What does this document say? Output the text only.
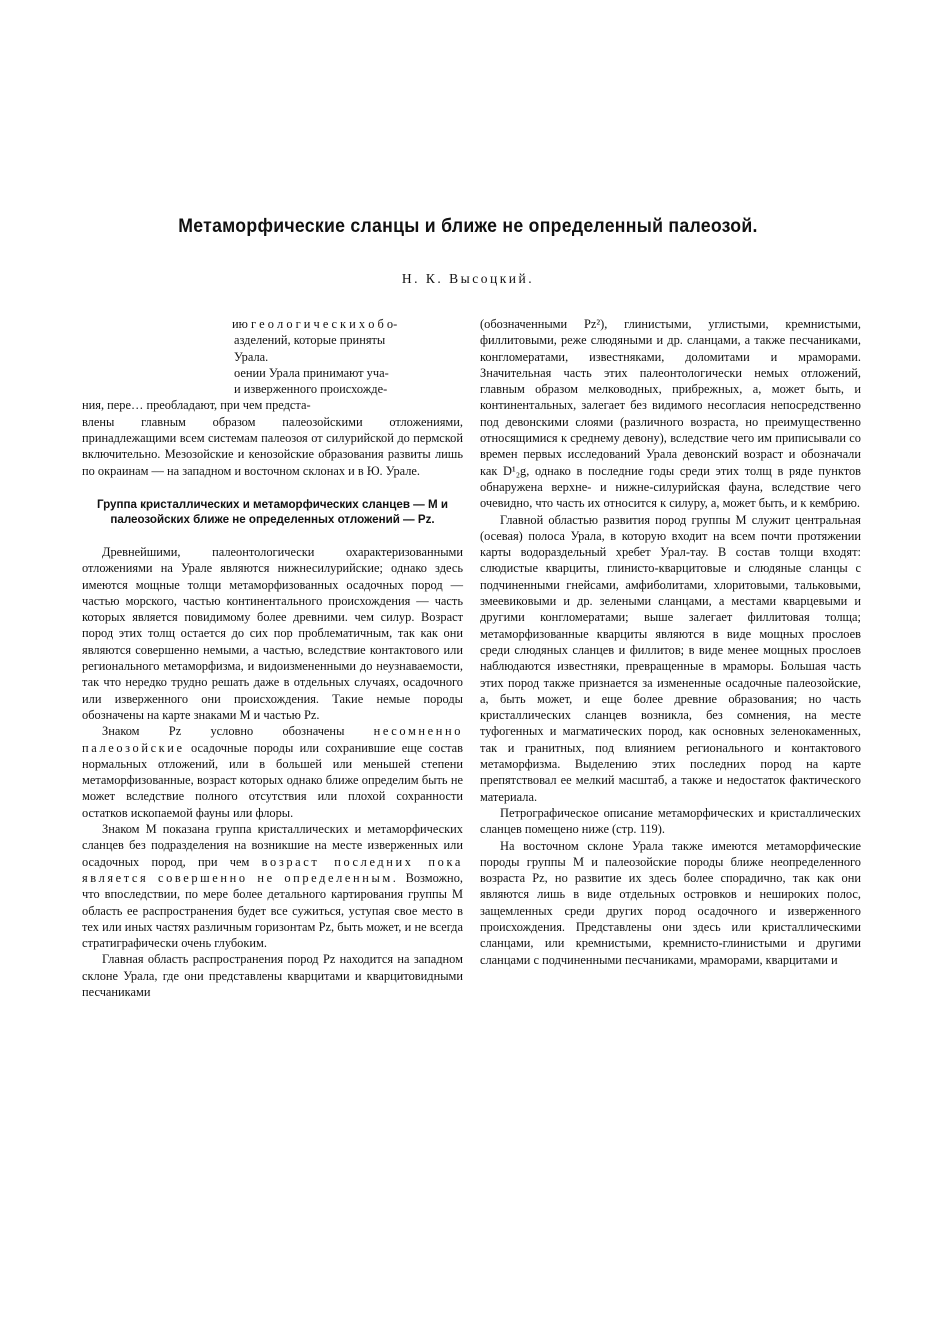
Метаморфические сланцы и ближе не определенный палеозой.
Н. К. Высоцкий.
ию г е о л о г и ч е с к и х о б о-
азделений, которые приняты
Урала.
оении Урала принимают уча-
и изверженного происхожде-
ния, пере… преобладают, при чем предста-

влены главным образом палеозойскими отложениями, принадлежащими всем системам палеозоя от силурийской до пермской включительно. Мезозойские и кенозойские образования развиты лишь по окраинам — на западном и восточном склонах и в Ю. Урале.

Группа кристаллических и метаморфических сланцев — M и палеозойских ближе не определенных отложений — Pz.

Древнейшими, палеонтологически охарактеризованными отложениями на Урале являются нижнесилурийские; однако здесь имеются мощные толщи метаморфизованных осадочных пород — частью морского, частью континентального происхождения — часть которых является повидимому более древними. чем силур. Возраст пород этих толщ остается до сих пор проблематичным, так как они являются совершенно немыми, а частью, вследствие контактового или регионального метаморфизма, и видоизмененными до неузнаваемости, так что нередко трудно решать даже в отдельных случаях, осадочного или изверженного они происхождения. Такие немые породы обозначены на карте знаками M и частью Pz.

Знаком Pz условно обозначены несомненно палеозойские осадочные породы или сохранившие еще состав нормальных отложений, или в большей или меньшей степени метаморфизованные, возраст которых однако ближе определим быть не может вследствие полного отсутствия или плохой сохранности остатков ископаемой фауны или флоры.

Знаком M показана группа кристаллических и метаморфических сланцев без подразделения на возникшие на месте изверженных или осадочных пород, при чем возраст последних пока является совершенно не определенным. Возможно, что впоследствии, по мере более детального картирования группы M область ее распространения будет все сужиться, уступая свое место в тех или иных частях различным горизонтам Pz, быть может, и не всегда стратиграфически очень глубоким.

Главная область распространения пород Pz находится на западном склоне Урала, где они представлены кварцитами и кварцитовидными песчаниками

(обозначенными Pz²), глинистыми, углистыми, кремнистыми, филлитовыми, реже слюдяными и др. сланцами, а также песчаниками, конгломератами, известняками, доломитами и мраморами. Значительная часть этих палеонтологически немых отложений, главным образом мелководных, прибрежных, а, может быть, и континентальных, залегает без видимого несогласия непосредственно под девонскими слоями (различного возраста, но преимущественно относящимися к среднему девону), вследствие чего им приписывали со времен первых исследований Урала девонский возраст и обозначали как D¹₂g, однако в последние годы среди этих толщ в ряде пунктов обнаружена верхне- и нижне-силурийская фауна, вследствие чего очевидно, что часть их относится к силуру, а, может быть, и к кембрию.

Главной областью развития пород группы M служит центральная (осевая) полоса Урала, в которую входит на всем почти протяжении карты водораздельный хребет Урал-тау. В состав толщи входят: слюдистые кварциты, глинисто-кварцитовые и слюдяные сланцы с подчиненными гнейсами, амфиболитами, хлоритовыми, тальковыми, змеевиковыми и др. зелеными сланцами, а местами кварцевыми и другими конгломератами; выше залегает филлитовая толща; метаморфизованные кварциты являются в виде мощных прослоев среди слюдяных сланцев и филлитов; в виде менее мощных прослоев наблюдаются известняки, превращенные в мраморы. Большая часть этих пород также признается за измененные осадочные палеозойские, а, быть может, и еще более древние образования; но часть кристаллических сланцев возникла, без сомнения, на месте туфогенных и магматических пород, как основных зеленокаменных, так и гранитных, под влиянием регионального и контактового метаморфизма. Выделению этих последних пород на карте препятствовал ее мелкий масштаб, а также и недостаток фактического материала.

Петрографическое описание метаморфических и кристаллических сланцев помещено ниже (стр. 119).

На восточном склоне Урала также имеются метаморфические породы группы M и палеозойские породы ближе неопределенного возраста Pz, но развитие их здесь более спорадично, так как они являются лишь в виде отдельных островков и неширокиx полос, защемленных среди других пород осадочного и изверженного происхождения. Представлены они здесь или кристаллическими сланцами, или кремнистыми, кремнисто-глинистыми и другими сланцами с подчиненными песчаниками, мраморами, кварцитами и
